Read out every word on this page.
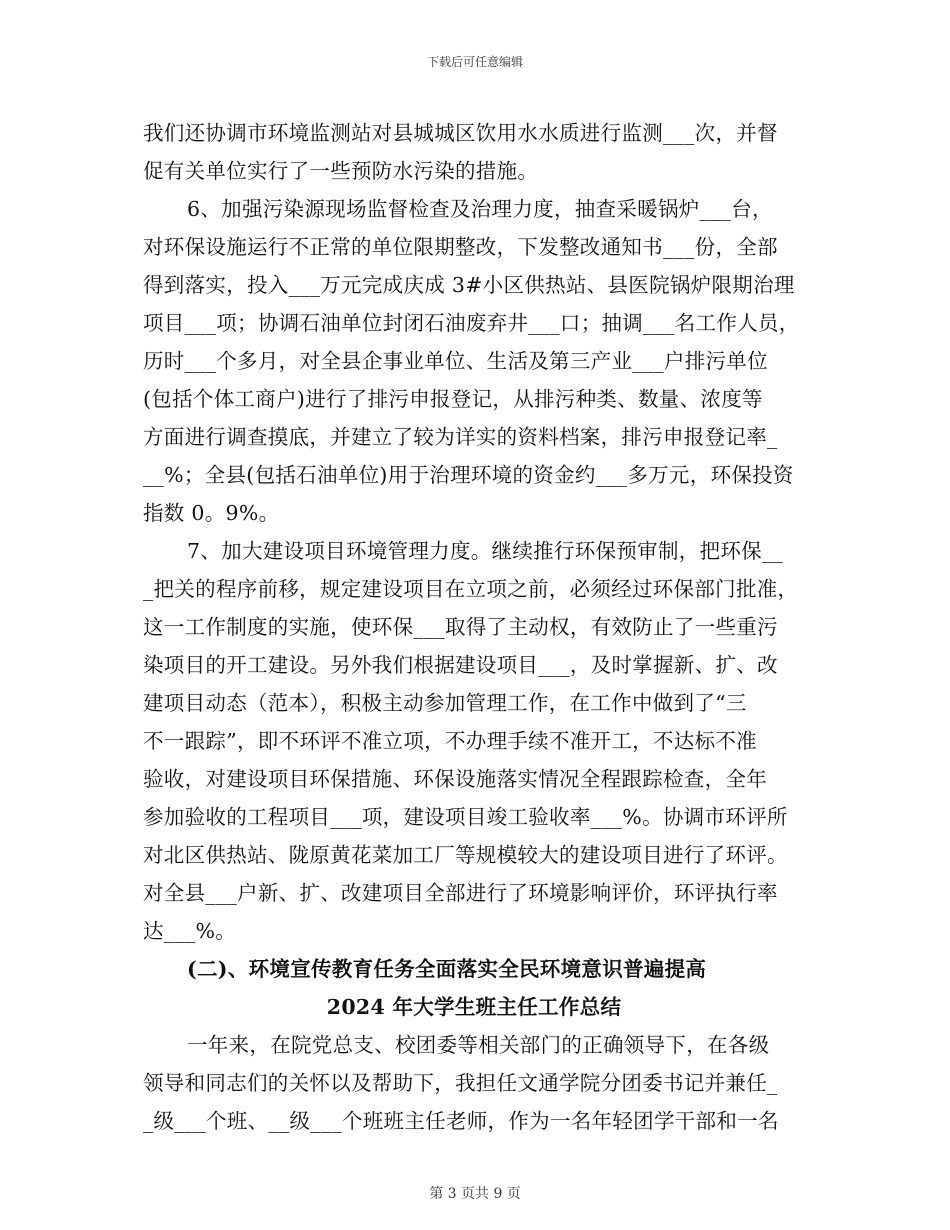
下载后可任意编辑
我们还协调市环境监测站对县城城区饮用水水质进行监测___次，并督
促有关单位实行了一些预防水污染的措施。
6、加强污染源现场监督检查及治理力度，抽查采暖锅炉___台，
对环保设施运行不正常的单位限期整改，下发整改通知书___份，全部
得到落实，投入___万元完成庆成 3#小区供热站、县医院锅炉限期治理
项目___项；协调石油单位封闭石油废弃井___口；抽调___名工作人员，
历时___个多月，对全县企事业单位、生活及第三产业___户排污单位
(包括个体工商户)进行了排污申报登记，从排污种类、数量、浓度等
方面进行调查摸底，并建立了较为详实的资料档案，排污申报登记率_
__%；全县(包括石油单位)用于治理环境的资金约___多万元，环保投资
指数 0。9%。
7、加大建设项目环境管理力度。继续推行环保预审制，把环保__
_把关的程序前移，规定建设项目在立项之前，必须经过环保部门批准，
这一工作制度的实施，使环保___取得了主动权，有效防止了一些重污
染项目的开工建设。另外我们根据建设项目___，及时掌握新、扩、改
建项目动态（范本），积极主动参加管理工作，在工作中做到了“三
不一跟踪”，即不环评不准立项，不办理手续不准开工，不达标不准
验收，对建设项目环保措施、环保设施落实情况全程跟踪检查，全年
参加验收的工程项目___项，建设项目竣工验收率___%。协调市环评所
对北区供热站、陇原黄花菜加工厂等规模较大的建设项目进行了环评。
对全县___户新、扩、改建项目全部进行了环境影响评价，环评执行率
达___%。
(二)、环境宣传教育任务全面落实全民环境意识普遍提高
2024 年大学生班主任工作总结
一年来，在院党总支、校团委等相关部门的正确领导下，在各级
领导和同志们的关怀以及帮助下，我担任文通学院分团委书记并兼任_
_级___个班、__级___个班班主任老师，作为一名年轻团学干部和一名
第 3 页共 9 页
